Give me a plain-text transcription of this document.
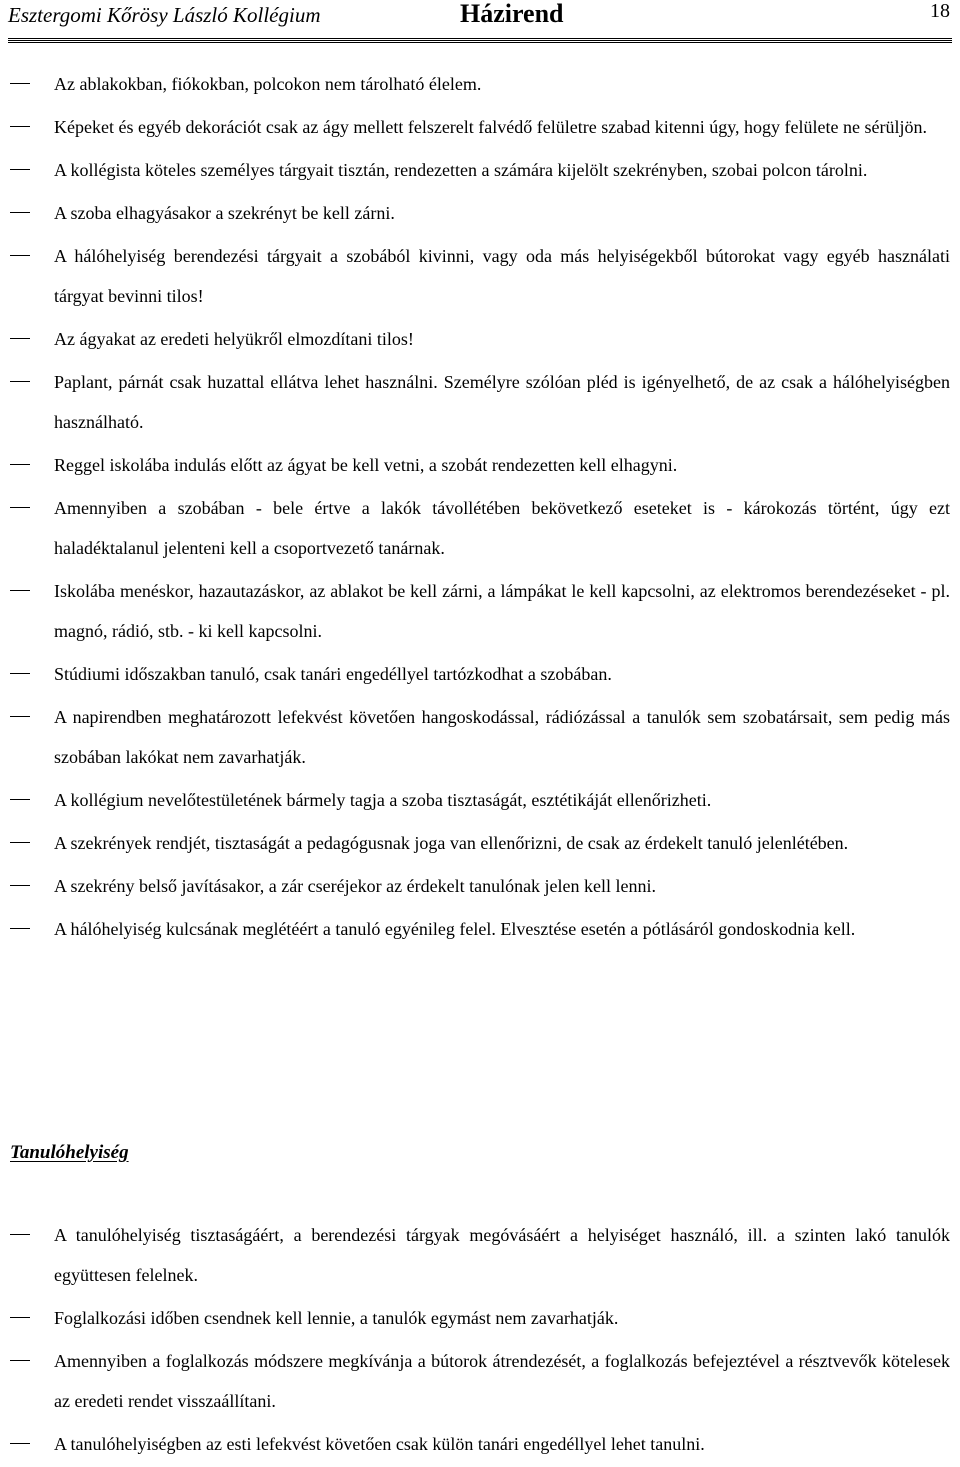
Esztergomi Kőrösy László Kollégium	Házirend	18
Az ablakokban, fiókokban, polcokon nem tárolható élelem.
Képeket és egyéb dekorációt csak az ágy mellett felszerelt falvédő felületre szabad kitenni úgy, hogy felülete ne sérüljön.
A kollégista köteles személyes tárgyait tisztán, rendezetten a számára kijelölt szekrényben, szobai polcon tárolni.
A szoba elhagyásakor a szekrényt be kell zárni.
A hálóhelyiség berendezési tárgyait a szobából kivinni, vagy oda más helyiségekből bútorokat vagy egyéb használati tárgyat bevinni tilos!
Az ágyakat az eredeti helyükről elmozdítani tilos!
Paplant, párnát csak huzattal ellátva lehet használni. Személyre szólóan pléd is igényelhető, de az csak a hálóhelyiségben használható.
Reggel iskolába indulás előtt az ágyat be kell vetni, a szobát rendezetten kell elhagyni.
Amennyiben a szobában - bele értve a lakók távollétében bekövetkező eseteket is - károkozás történt, úgy ezt haladéktalanul jelenteni kell a csoportvezető tanárnak.
Iskolába menéskor, hazautazáskor, az ablakot be kell zárni, a lámpákat le kell kapcsolni, az elektromos berendezéseket - pl. magnó, rádió, stb. - ki kell kapcsolni.
Stúdiumi időszakban tanuló, csak tanári engedéllyel tartózkodhat a szobában.
A napirendben meghatározott lefekvést követően hangoskodással, rádiózással a tanulók sem szobatársait, sem pedig más szobában lakókat nem zavarhatják.
A kollégium nevelőtestületének bármely tagja a szoba tisztaságát, esztétikáját ellenőrizheti.
A szekrények rendjét, tisztaságát a pedagógusnak joga van ellenőrizni, de csak az érdekelt tanuló jelenlétében.
A szekrény belső javításakor, a zár cseréjekor az érdekelt tanulónak jelen kell lenni.
A hálóhelyiség kulcsának meglétéért a tanuló egyénileg felel. Elvesztése esetén a pótlásáról gondoskodnia kell.
Tanulóhelyiség
A tanulóhelyiség tisztaságáért, a berendezési tárgyak megóvásáért a helyiséget használó, ill. a szinten lakó tanulók együttesen felelnek.
Foglalkozási időben csendnek kell lennie, a tanulók egymást nem zavarhatják.
Amennyiben a foglalkozás módszere megkívánja a bútorok átrendezését, a foglalkozás befejeztével a résztvevők kötelesek az eredeti rendet visszaállítani.
A tanulóhelyiségben az esti lefekvést követően csak külön tanári engedéllyel lehet tanulni.
